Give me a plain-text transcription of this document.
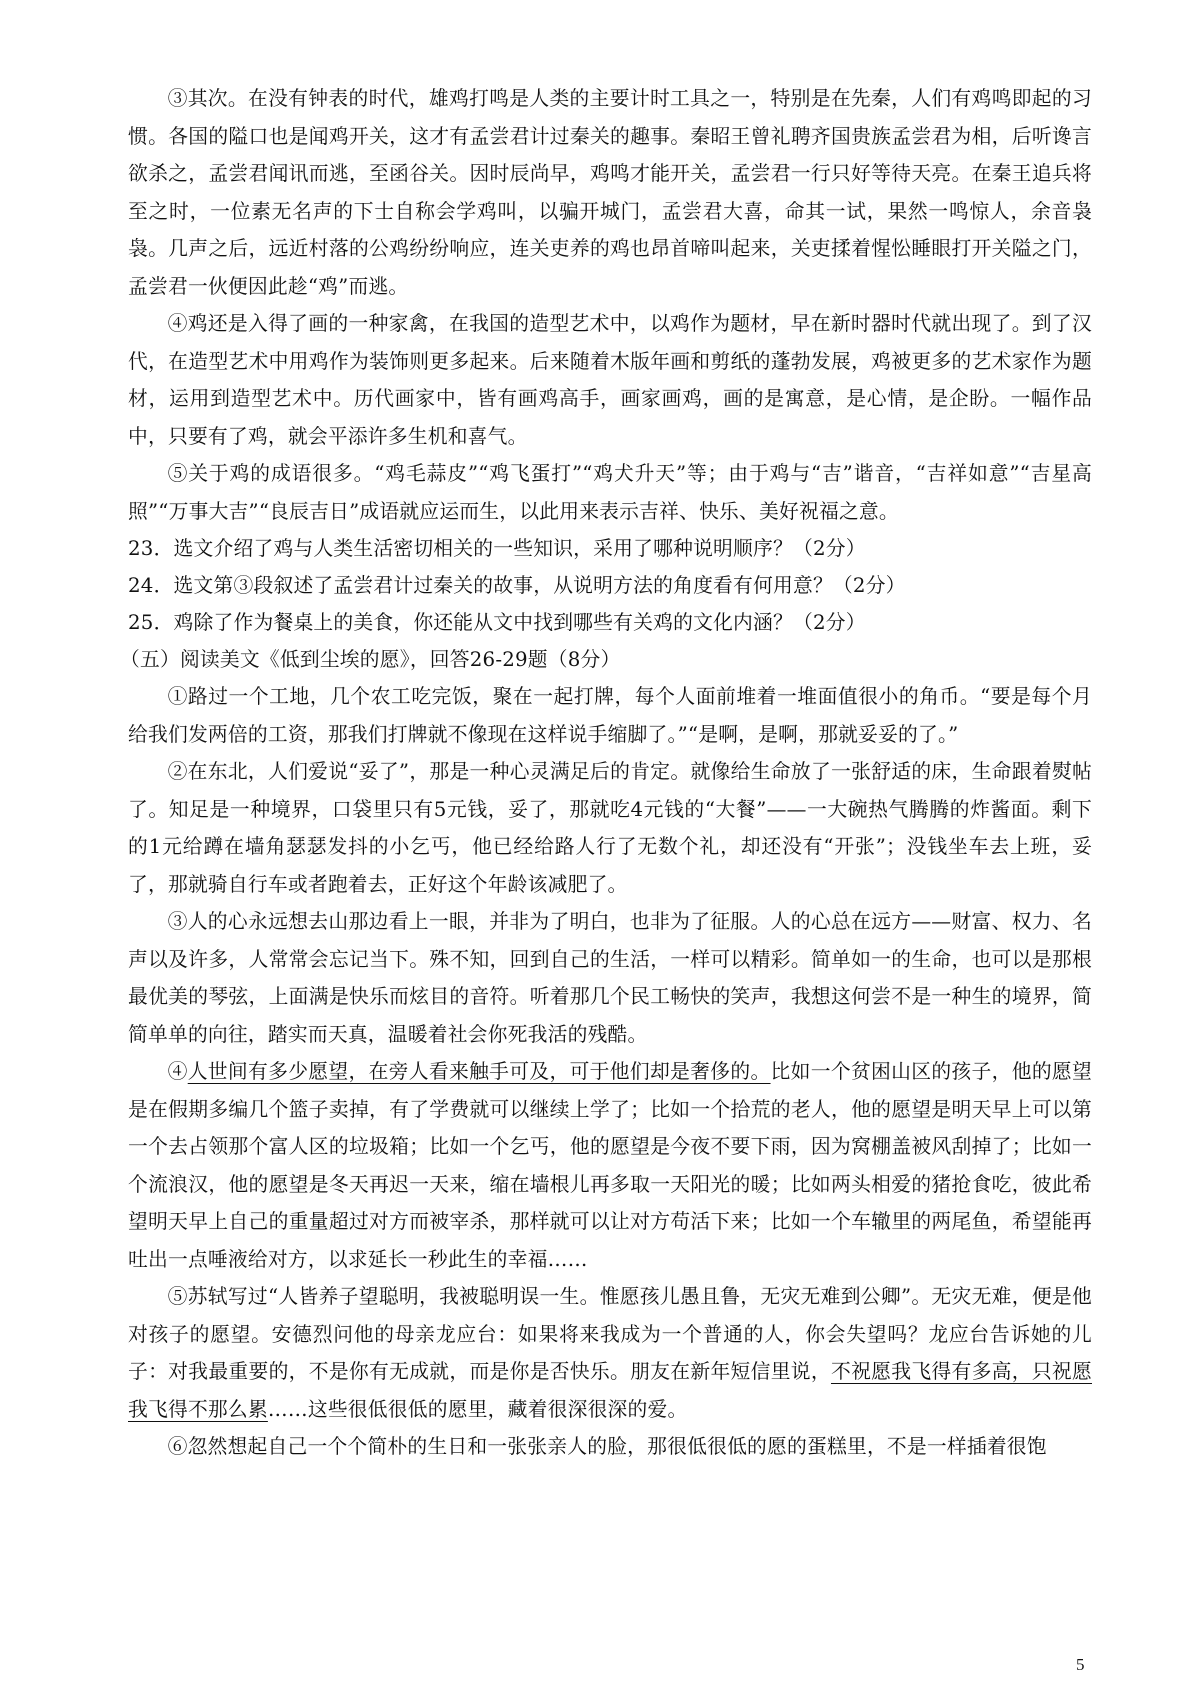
③其次。在没有钟表的时代，雄鸡打鸣是人类的主要计时工具之一，特别是在先秦，人们有鸡鸣即起的习惯。各国的隘口也是闻鸡开关，这才有孟尝君计过秦关的趣事。秦昭王曾礼聘齐国贵族孟尝君为相，后听谗言欲杀之，孟尝君闻讯而逃，至函谷关。因时辰尚早，鸡鸣才能开关，孟尝君一行只好等待天亮。在秦王追兵将至之时，一位素无名声的下士自称会学鸡叫，以骗开城门，孟尝君大喜，命其一试，果然一鸣惊人，余音袅袅。几声之后，远近村落的公鸡纷纷响应，连关吏养的鸡也昂首啼叫起来，关吏揉着惺忪睡眼打开关隘之门，孟尝君一伙便因此趁“鸡”而逃。

④鸡还是入得了画的一种家禽，在我国的造型艺术中，以鸡作为题材，早在新时器时代就出现了。到了汉代，在造型艺术中用鸡作为装饰则更多起来。后来随着木版年画和剪纸的蓬勃发展，鸡被更多的艺术家作为题材，运用到造型艺术中。历代画家中，皆有画鸡高手，画家画鸡，画的是寓意，是心情，是企盼。一幅作品中，只要有了鸡，就会平添许多生机和喜气。

⑤关于鸡的成语很多。“鸡毛蒜皮”“鸡飞蛋打”“鸡犬升天”等；由于鸡与“吉”谐音，“吉祥如意”“吉星高照”“万事大吉”“良辰吉日”成语就应运而生，以此用来表示吉祥、快乐、美好祝福之意。

23．选文介绍了鸡与人类生活密切相关的一些知识，采用了哪种说明顺序？（2分）

24．选文第③段叙述了孟尝君计过秦关的故事，从说明方法的角度看有何用意？（2分）

25．鸡除了作为餐桌上的美食，你还能从文中找到哪些有关鸡的文化内涵？（2分）

（五）阅读美文《低到尘埃的愿》，回答26-29题（8分）

①路过一个工地，几个农工吃完饭，聚在一起打牌，每个人面前堆着一堆面值很小的角币。“要是每个月给我们发两倍的工资，那我们打牌就不像现在这样说手缩脚了。”“是啊，是啊，那就妥妥的了。”

②在东北，人们爱说“妥了”，那是一种心灵满足后的肯定。就像给生命放了一张舒适的床，生命跟着熨帖了。知足是一种境界，口袋里只有5元钱，妥了，那就吃4元钱的“大餐”——一大碗热气腾腾的炸酱面。剩下的1元给蹲在墙角瑟瑟发抖的小乞丐，他已经给路人行了无数个礼，却还没有“开张”；没钱坐车去上班，妥了，那就骑自行车或者跑着去，正好这个年龄该减肥了。

③人的心永远想去山那边看上一眼，并非为了明白，也非为了征服。人的心总在远方——财富、权力、名声以及许多，人常常会忘记当下。殊不知，回到自己的生活，一样可以精彩。简单如一的生命，也可以是那根最优美的琴弦，上面满是快乐而炫目的音符。听着那几个民工畅快的笑声，我想这何尝不是一种生的境界，简简单单的向往，踏实而天真，温暖着社会你死我活的残酷。

④人世间有多少愿望，在旁人看来触手可及，可于他们却是奢侈的。比如一个贫困山区的孩子，他的愿望是在假期多编几个篮子卖掉，有了学费就可以继续上学了；比如一个拾荒的老人，他的愿望是明天早上可以第一个去占领那个富人区的垃圾箱；比如一个乞丐，他的愿望是今夜不要下雨，因为窝棚盖被风刮掉了；比如一个流浪汉，他的愿望是冬天再迟一天来，缩在墙根儿再多取一天阳光的暖；比如两头相爱的猪抢食吃，彼此希望明天早上自己的重量超过对方而被宰杀，那样就可以让对方苟活下来；比如一个车辙里的两尾鱼，希望能再吐出一点唾液给对方，以求延长一秒此生的幸福……

⑤苏轼写过“人皆养子望聪明，我被聪明误一生。惟愿孩儿愚且鲁，无灾无难到公卿”。无灾无难，便是他对孩子的愿望。安德烈问他的母亲龙应台：如果将来我成为一个普通的人，你会失望吗？龙应台告诉她的儿子：对我最重要的，不是你有无成就，而是你是否快乐。朋友在新年短信里说，不祝愿我飞得有多高，只祝愿我飞得不那么累……这些很低很低的愿里，藏着很深很深的爱。

⑥忽然想起自己一个个简朴的生日和一张张亲人的脸，那很低很低的愿的蛋糕里，不是一样插着很饱

5
